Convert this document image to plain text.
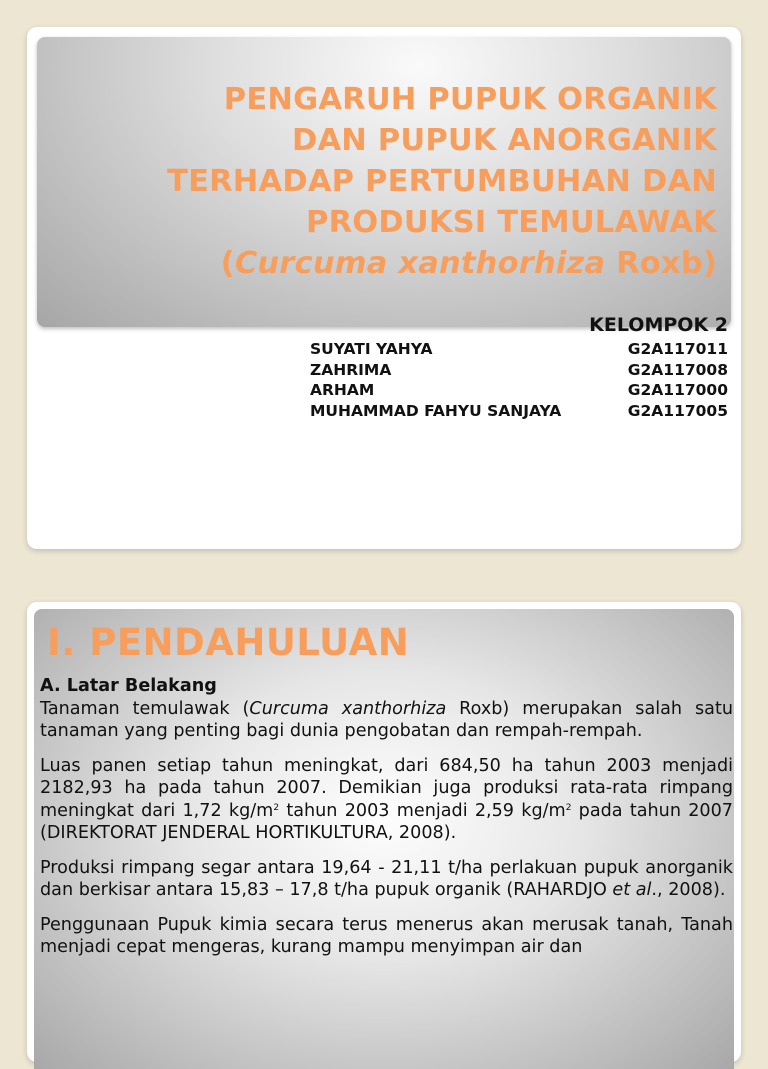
PENGARUH PUPUK ORGANIK
DAN PUPUK ANORGANIK
TERHADAP PERTUMBUHAN DAN
PRODUKSI TEMULAWAK
(Curcuma xanthorhiza Roxb)
KELOMPOK 2
SUYATI YAHYA	G2A117011
ZAHRIMA	G2A117008
ARHAM	G2A117000
MUHAMMAD FAHYU SANJAYA	G2A117005
I. PENDAHULUAN

A. Latar Belakang

Tanaman temulawak (Curcuma xanthorhiza Roxb) merupakan salah satu tanaman yang penting bagi dunia pengobatan dan rempah-rempah.

Luas panen setiap tahun meningkat, dari 684,50 ha tahun 2003 menjadi 2182,93 ha pada tahun 2007. Demikian juga produksi rata-rata rimpang meningkat dari 1,72 $kg/m^2$ tahun 2003 menjadi 2,59 $kg/m^2$ pada tahun 2007 (DIREKTORAT JENDERAL HORTIKULTURA, 2008).

Produksi rimpang segar antara 19,64 - 21,11 t/ha perlakuan pupuk anorganik dan berkisar antara 15,83 – 17,8 t/ha pupuk organik (RAHARDJO et al., 2008).

Penggunaan Pupuk kimia secara terus menerus akan merusak tanah, Tanah menjadi cepat mengeras, kurang mampu menyimpan air dan
